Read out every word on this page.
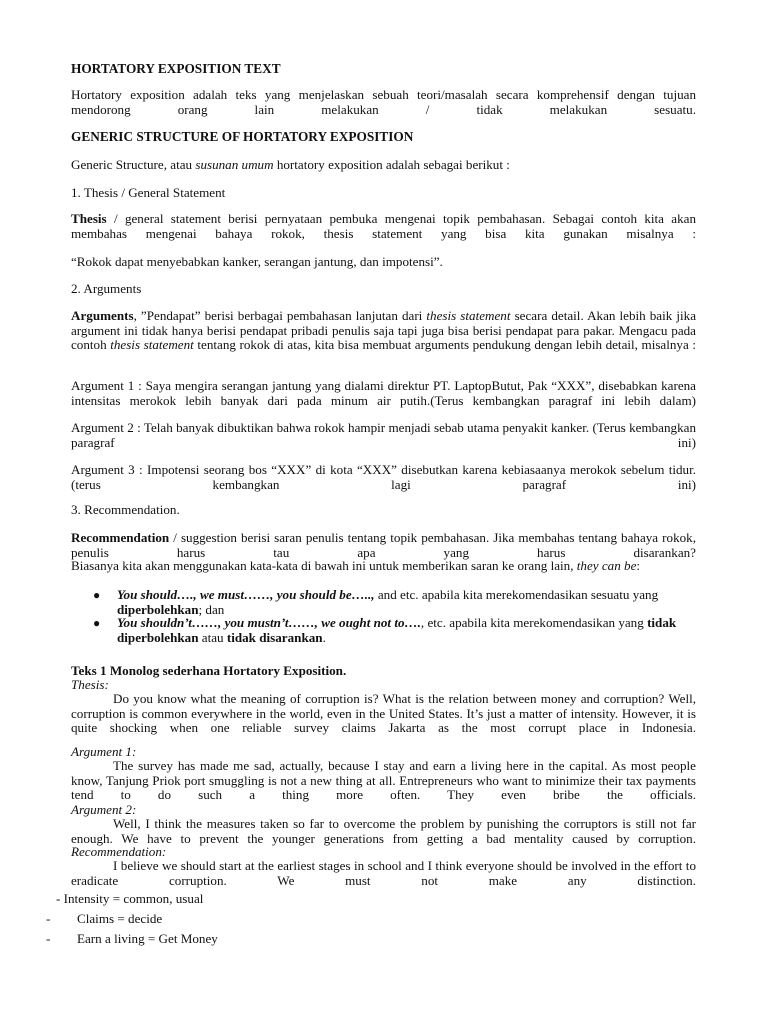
HORTATORY EXPOSITION TEXT

Hortatory exposition adalah teks yang menjelaskan sebuah teori/masalah secara komprehensif dengan tujuan mendorong orang lain melakukan / tidak melakukan sesuatu.

GENERIC STRUCTURE OF HORTATORY EXPOSITION

Generic Structure, atau susunan umum hortatory exposition adalah sebagai berikut :

1. Thesis / General Statement

Thesis / general statement berisi pernyataan pembuka mengenai topik pembahasan. Sebagai contoh kita akan membahas mengenai bahaya rokok, thesis statement yang bisa kita gunakan misalnya :

“Rokok dapat menyebabkan kanker, serangan jantung, dan impotensi”.

2. Arguments

Arguments, ”Pendapat” berisi berbagai pembahasan lanjutan dari thesis statement secara detail. Akan lebih baik jika argument ini tidak hanya berisi pendapat pribadi penulis saja tapi juga bisa berisi pendapat para pakar. Mengacu pada contoh thesis statement tentang rokok di atas, kita bisa membuat arguments pendukung dengan lebih detail, misalnya :

Argument 1 : Saya mengira serangan jantung yang dialami direktur PT. LaptopButut, Pak “XXX”, disebabkan karena intensitas merokok lebih banyak dari pada minum air putih.(Terus kembangkan paragraf ini lebih dalam)

Argument 2 : Telah banyak dibuktikan bahwa rokok hampir menjadi sebab utama penyakit kanker. (Terus kembangkan paragraf ini)

Argument 3 : Impotensi seorang bos “XXX” di kota “XXX” disebutkan karena kebiasaanya merokok sebelum tidur. (terus kembangkan lagi paragraf ini)

3. Recommendation.

Recommendation / suggestion berisi saran penulis tentang topik pembahasan. Jika membahas tentang bahaya rokok, penulis harus tau apa yang harus disarankan?

Biasanya kita akan menggunakan kata-kata di bawah ini untuk memberikan saran ke orang lain, they can be:

● You should…., we must……, you should be….., and etc. apabila kita merekomendasikan sesuatu yang diperbolehkan; dan

● You shouldn’t……, you mustn’t……, we ought not to…., etc. apabila kita merekomendasikan yang tidak diperbolehkan atau tidak disarankan.

Teks 1 Monolog sederhana Hortatory Exposition.

Thesis:

Do you know what the meaning of corruption is? What is the relation between money and corruption? Well, corruption is common everywhere in the world, even in the United States. It’s just a matter of intensity. However, it is quite shocking when one reliable survey claims Jakarta as the most corrupt place in Indonesia.

Argument 1:

The survey has made me sad, actually, because I stay and earn a living here in the capital. As most people know, Tanjung Priok port smuggling is not a new thing at all. Entrepreneurs who want to minimize their tax payments tend to do such a thing more often. They even bribe the officials.

Argument 2:

Well, I think the measures taken so far to overcome the problem by punishing the corruptors is still not far enough. We have to prevent the younger generations from getting a bad mentality caused by corruption.

Recommendation:

I believe we should start at the earliest stages in school and I think everyone should be involved in the effort to eradicate corruption. We must not make any distinction.

- Intensity = common, usual
- Claims = decide
- Earn a living = Get Money
